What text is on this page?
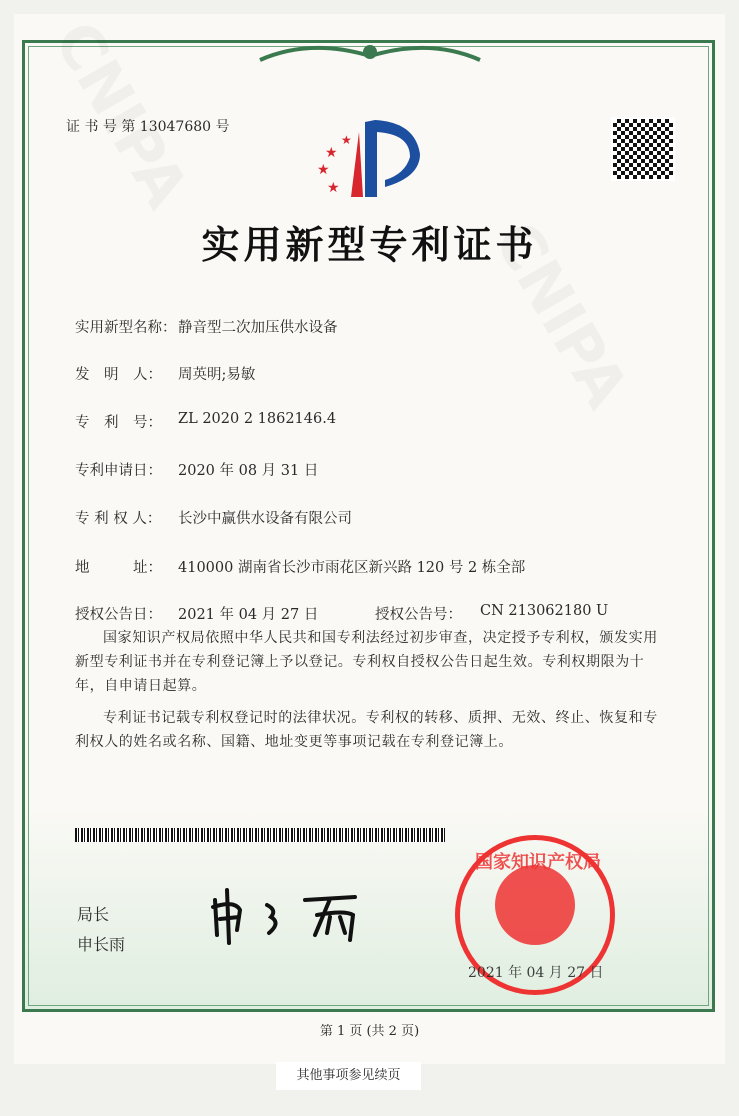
证 书 号 第 13047680 号
★
★
★
★
实用新型专利证书
实用新型名称： 静音型二次加压供水设备
发　明　人： 周英明;易敏
专　利　号： ZL 2020 2 1862146.4
专利申请日： 2020 年 08 月 31 日
专 利 权 人： 长沙中赢供水设备有限公司
地　　　址： 410000 湖南省长沙市雨花区新兴路 120 号 2 栋全部
授权公告日： 2021 年 04 月 27 日	授权公告号： CN 213062180 U
国家知识产权局依照中华人民共和国专利法经过初步审查，决定授予专利权，颁发实用新型专利证书并在专利登记簿上予以登记。专利权自授权公告日起生效。专利权期限为十年，自申请日起算。
专利证书记载专利权登记时的法律状况。专利权的转移、质押、无效、终止、恢复和专利权人的姓名或名称、国籍、地址变更等事项记载在专利登记簿上。
局长
申长雨
国家知识产权局
2021 年 04 月 27 日
第 1 页 (共 2 页)
其他事项参见续页
